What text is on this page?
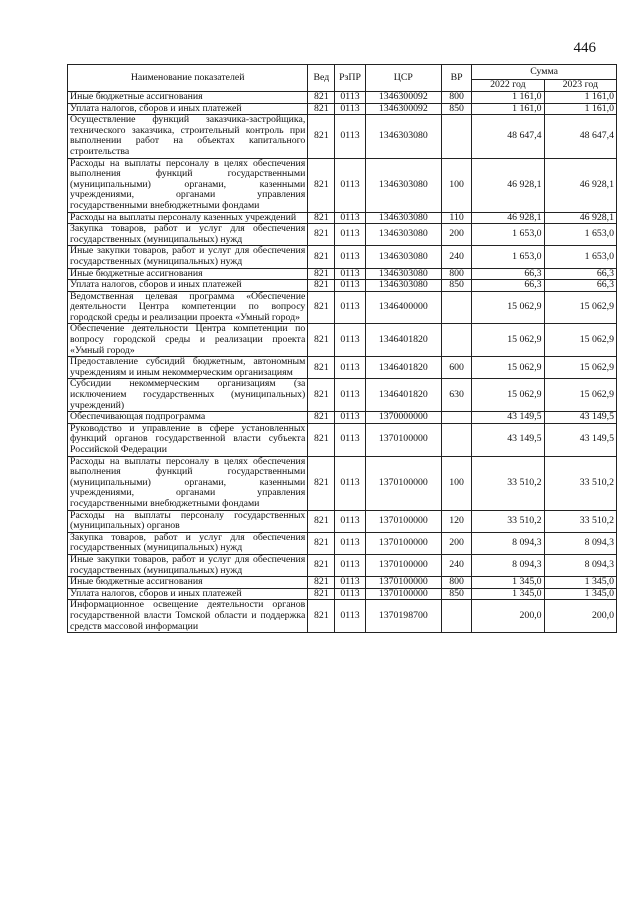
446
Наименование показателей	Вед	РзПР	ЦСР	ВР	Сумма	
					2022 год	2023 год
Иные бюджетные ассигнования	821	0113	1346300092	800	1 161,0	1 161,0
Уплата налогов, сборов и иных платежей	821	0113	1346300092	850	1 161,0	1 161,0
Осуществление функций заказчика-застройщика, технического заказчика, строительный контроль при выполнении работ на объектах капитального строительства	821	0113	1346303080		48 647,4	48 647,4
Расходы на выплаты персоналу в целях обеспечения выполнения функций государственными (муниципальными) органами, казенными учреждениями, органами управления государственными внебюджетными фондами	821	0113	1346303080	100	46 928,1	46 928,1
Расходы на выплаты персоналу казенных учреждений	821	0113	1346303080	110	46 928,1	46 928,1
Закупка товаров, работ и услуг для обеспечения государственных (муниципальных) нужд	821	0113	1346303080	200	1 653,0	1 653,0
Иные закупки товаров, работ и услуг для обеспечения государственных (муниципальных) нужд	821	0113	1346303080	240	1 653,0	1 653,0
Иные бюджетные ассигнования	821	0113	1346303080	800	66,3	66,3
Уплата налогов, сборов и иных платежей	821	0113	1346303080	850	66,3	66,3
Ведомственная целевая программа «Обеспечение деятельности Центра компетенции по вопросу городской среды и реализации проекта «Умный город»	821	0113	1346400000		15 062,9	15 062,9
Обеспечение деятельности Центра компетенции по вопросу городской среды и реализации проекта «Умный город»	821	0113	1346401820		15 062,9	15 062,9
Предоставление субсидий бюджетным, автономным учреждениям и иным некоммерческим организациям	821	0113	1346401820	600	15 062,9	15 062,9
Субсидии некоммерческим организациям (за исключением государственных (муниципальных) учреждений)	821	0113	1346401820	630	15 062,9	15 062,9
Обеспечивающая подпрограмма	821	0113	1370000000		43 149,5	43 149,5
Руководство и управление в сфере установленных функций органов государственной власти субъекта Российской Федерации	821	0113	1370100000		43 149,5	43 149,5
Расходы на выплаты персоналу в целях обеспечения выполнения функций государственными (муниципальными) органами, казенными учреждениями, органами управления государственными внебюджетными фондами	821	0113	1370100000	100	33 510,2	33 510,2
Расходы на выплаты персоналу государственных (муниципальных) органов	821	0113	1370100000	120	33 510,2	33 510,2
Закупка товаров, работ и услуг для обеспечения государственных (муниципальных) нужд	821	0113	1370100000	200	8 094,3	8 094,3
Иные закупки товаров, работ и услуг для обеспечения государственных (муниципальных) нужд	821	0113	1370100000	240	8 094,3	8 094,3
Иные бюджетные ассигнования	821	0113	1370100000	800	1 345,0	1 345,0
Уплата налогов, сборов и иных платежей	821	0113	1370100000	850	1 345,0	1 345,0
Информационное освещение деятельности органов государственной власти Томской области и поддержка средств массовой информации	821	0113	1370198700		200,0	200,0
